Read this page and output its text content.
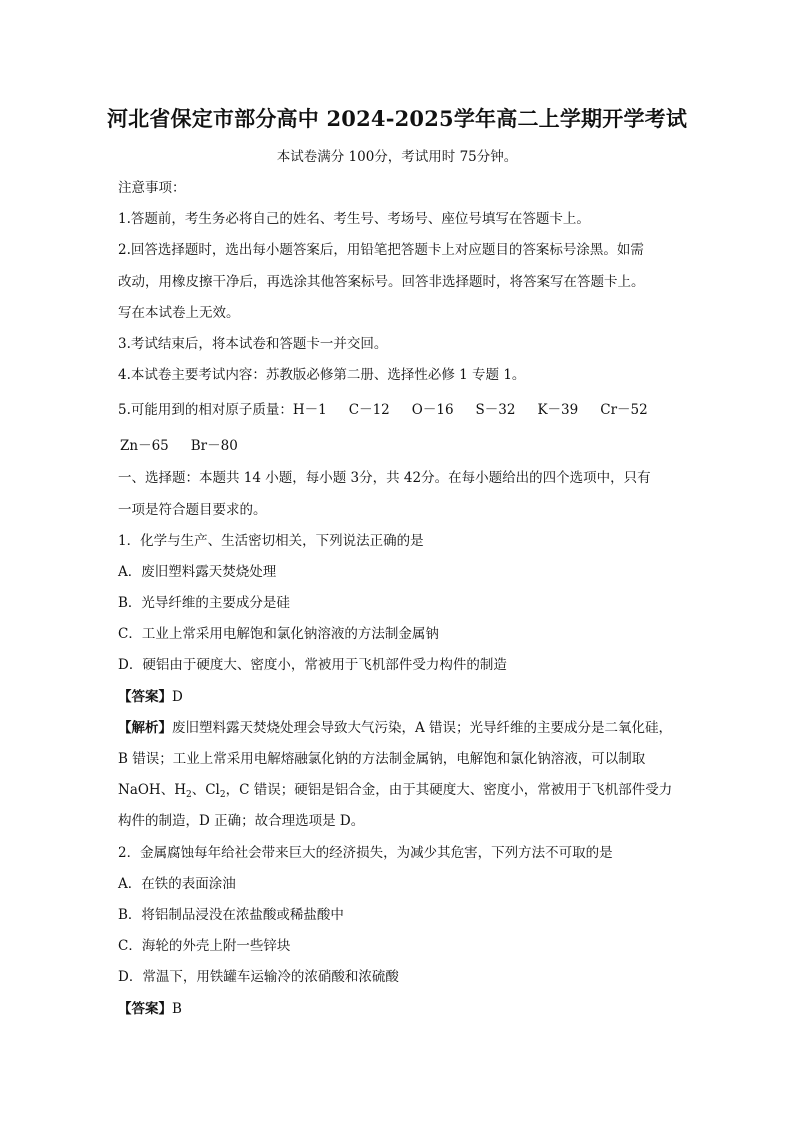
河北省保定市部分高中 2024-2025学年高二上学期开学考试
本试卷满分 100分，考试用时 75分钟。
注意事项：
1.答题前，考生务必将自己的姓名、考生号、考场号、座位号填写在答题卡上。
2.回答选择题时，选出每小题答案后，用铅笔把答题卡上对应题目的答案标号涂黑。如需
改动，用橡皮擦干净后，再选涂其他答案标号。回答非选择题时，将答案写在答题卡上。
写在本试卷上无效。
3.考试结束后，将本试卷和答题卡一并交回。
4.本试卷主要考试内容：苏教版必修第二册、选择性必修 1 专题 1。
5.可能用到的相对原子质量：H－1 C－12 O－16 S－32 K－39 Cr－52
Zn－65 Br－80
一、选择题：本题共 14 小题，每小题 3分，共 42分。在每小题给出的四个选项中，只有
一项是符合题目要求的。
1．化学与生产、生活密切相关，下列说法正确的是
A．废旧塑料露天焚烧处理
B．光导纤维的主要成分是硅
C．工业上常采用电解饱和氯化钠溶液的方法制金属钠
D．硬铝由于硬度大、密度小，常被用于飞机部件受力构件的制造
【答案】D
【解析】废旧塑料露天焚烧处理会导致大气污染，A 错误；光导纤维的主要成分是二氧化硅，
B 错误；工业上常采用电解熔融氯化钠的方法制金属钠，电解饱和氯化钠溶液，可以制取
NaOH、$H_2$、$Cl_2$，C 错误；硬铝是铝合金，由于其硬度大、密度小，常被用于飞机部件受力
构件的制造，D 正确；故合理选项是 D。
2．金属腐蚀每年给社会带来巨大的经济损失，为减少其危害，下列方法不可取的是
A．在铁的表面涂油
B．将铝制品浸没在浓盐酸或稀盐酸中
C．海轮的外壳上附一些锌块
D．常温下，用铁罐车运输冷的浓硝酸和浓硫酸
【答案】B
